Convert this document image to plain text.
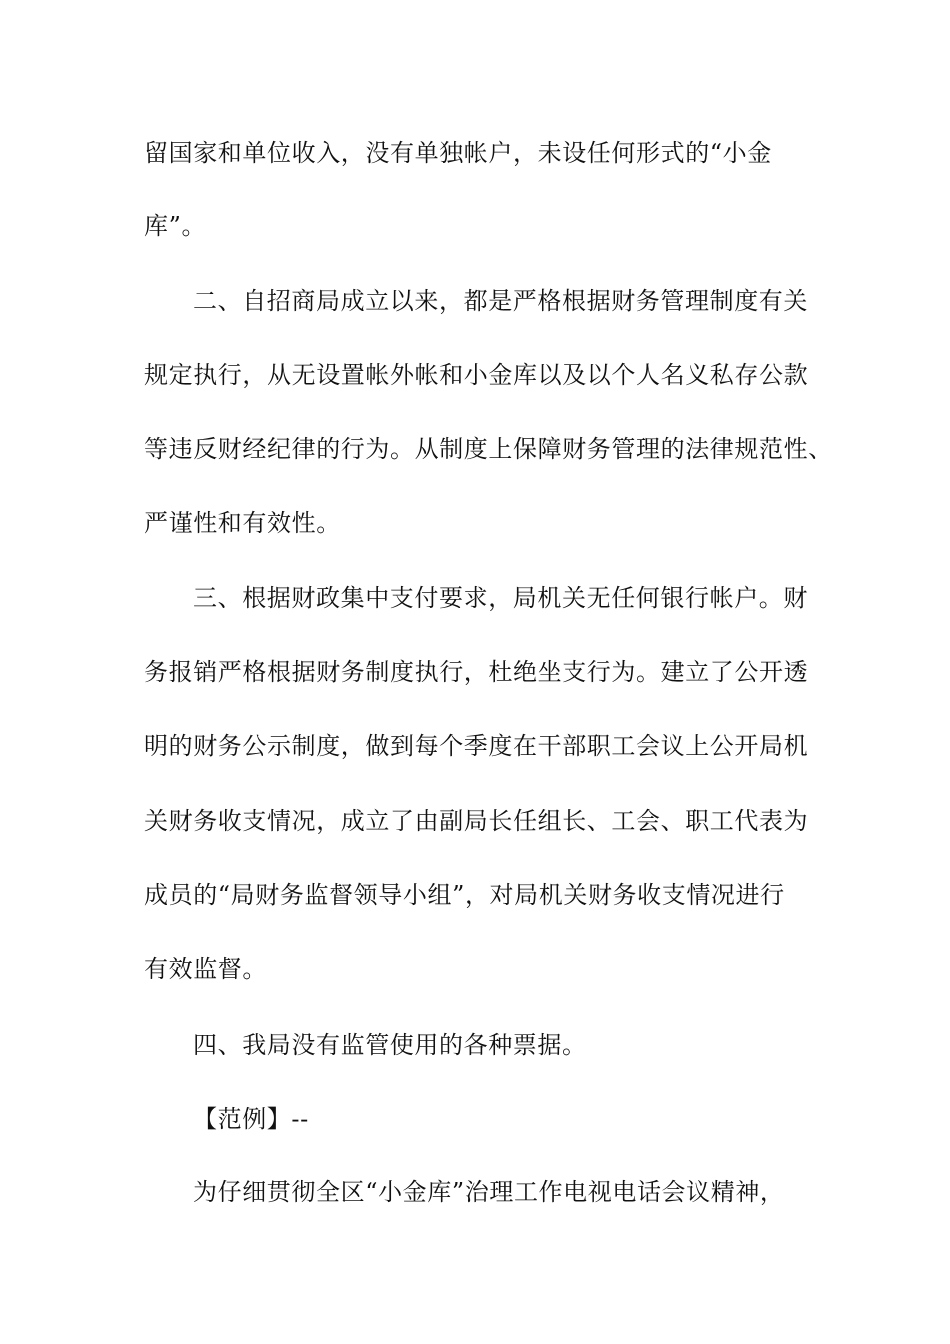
留国家和单位收入，没有单独帐户，未设任何形式的“小金
库”。
二、自招商局成立以来，都是严格根据财务管理制度有关
规定执行，从无设置帐外帐和小金库以及以个人名义私存公款
等违反财经纪律的行为。从制度上保障财务管理的法律规范性、
严谨性和有效性。
三、根据财政集中支付要求，局机关无任何银行帐户。财
务报销严格根据财务制度执行，杜绝坐支行为。建立了公开透
明的财务公示制度，做到每个季度在干部职工会议上公开局机
关财务收支情况，成立了由副局长任组长、工会、职工代表为
成员的“局财务监督领导小组”，对局机关财务收支情况进行
有效监督。
四、我局没有监管使用的各种票据。
【范例】--
为仔细贯彻全区“小金库”治理工作电视电话会议精神，
